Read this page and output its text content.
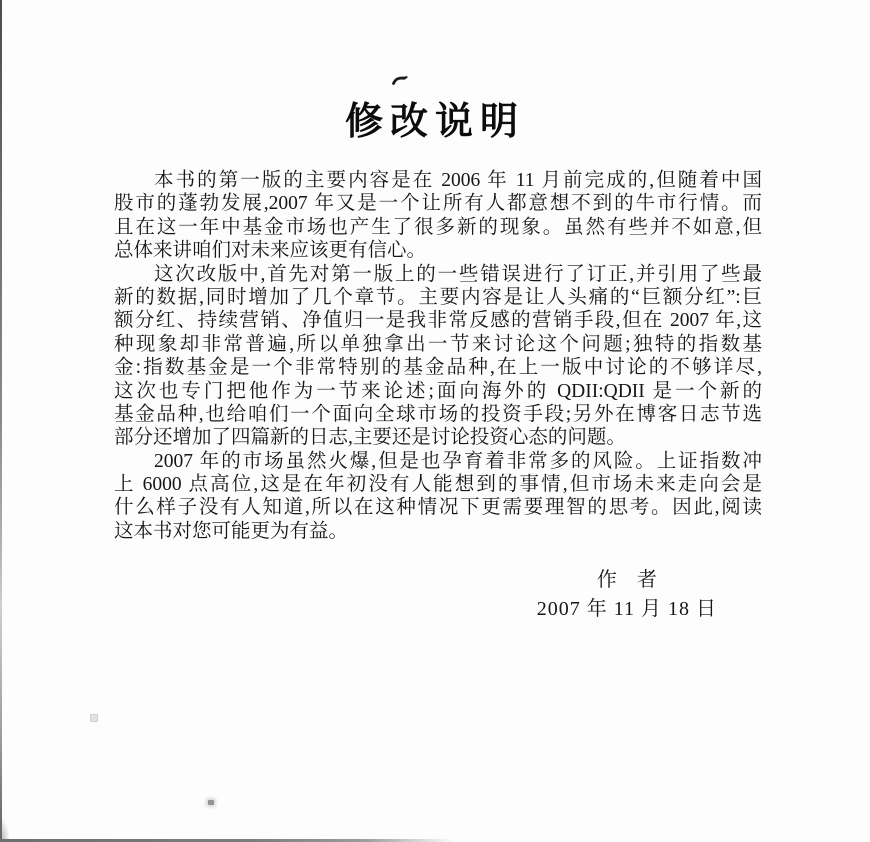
修改说明
本书的第一版的主要内容是在 2006 年 11 月前完成的,但随着中国
股市的蓬勃发展,2007 年又是一个让所有人都意想不到的牛市行情。而
且在这一年中基金市场也产生了很多新的现象。虽然有些并不如意,但
总体来讲咱们对未来应该更有信心。
这次改版中,首先对第一版上的一些错误进行了订正,并引用了些最
新的数据,同时增加了几个章节。主要内容是让人头痛的“巨额分红”:巨
额分红、持续营销、净值归一是我非常反感的营销手段,但在 2007 年,这
种现象却非常普遍,所以单独拿出一节来讨论这个问题;独特的指数基
金:指数基金是一个非常特别的基金品种,在上一版中讨论的不够详尽,
这次也专门把他作为一节来论述;面向海外的 QDII:QDII 是一个新的
基金品种,也给咱们一个面向全球市场的投资手段;另外在博客日志节选
部分还增加了四篇新的日志,主要还是讨论投资心态的问题。
2007 年的市场虽然火爆,但是也孕育着非常多的风险。上证指数冲
上 6000 点高位,这是在年初没有人能想到的事情,但市场未来走向会是
什么样子没有人知道,所以在这种情况下更需要理智的思考。因此,阅读
这本书对您可能更为有益。
作　者
2007 年 11 月 18 日
